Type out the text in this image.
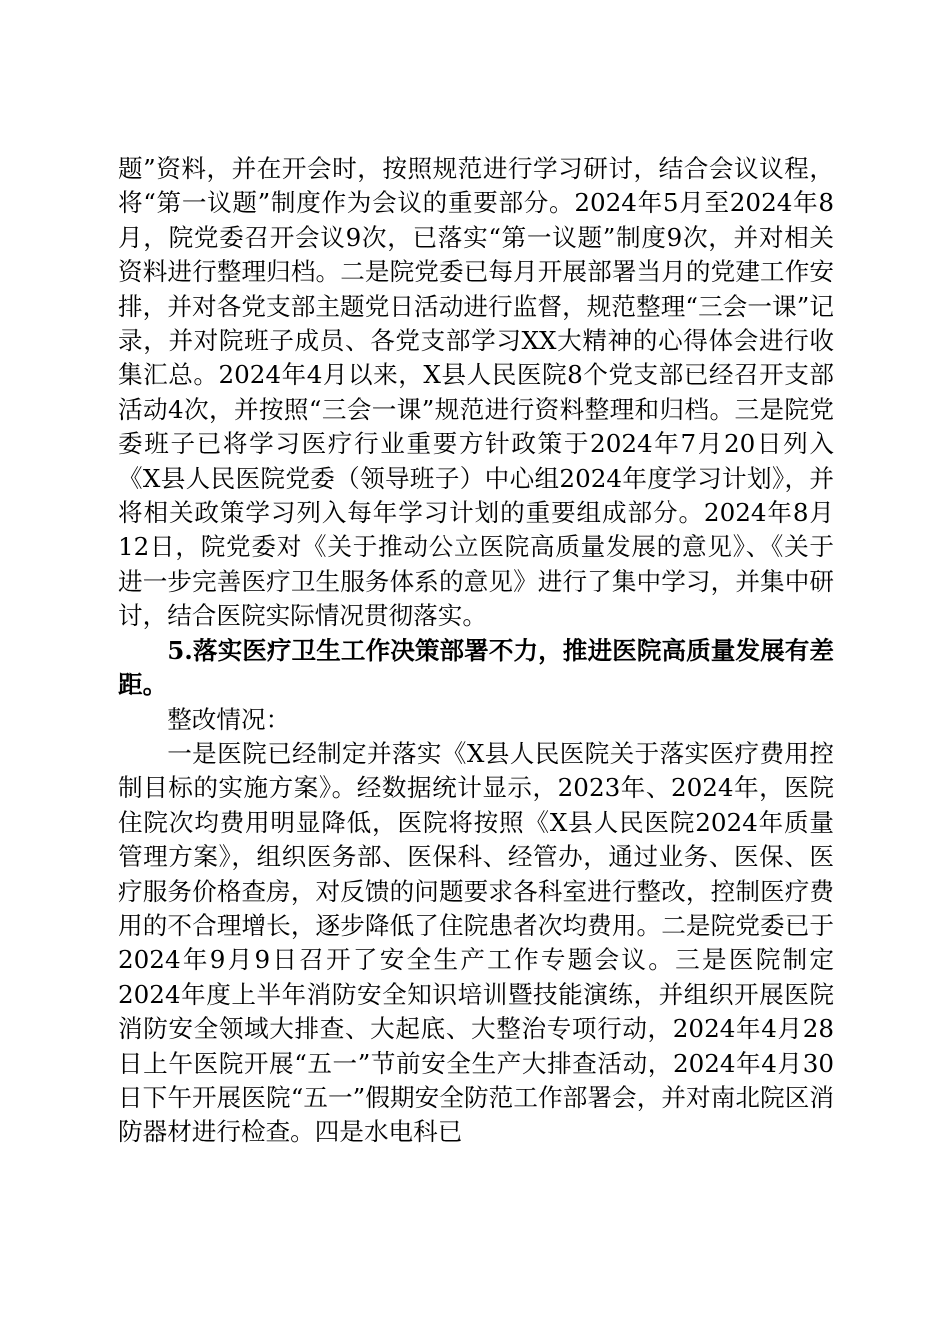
题”资料，并在开会时，按照规范进行学习研讨，结合会议议程，将“第一议题”制度作为会议的重要部分。2024年5月至2024年8月，院党委召开会议9次，已落实“第一议题”制度9次，并对相关资料进行整理归档。二是院党委已每月开展部署当月的党建工作安排，并对各党支部主题党日活动进行监督，规范整理“三会一课”记录，并对院班子成员、各党支部学习XX大精神的心得体会进行收集汇总。2024年4月以来，X县人民医院8个党支部已经召开支部活动4次，并按照“三会一课”规范进行资料整理和归档。三是院党委班子已将学习医疗行业重要方针政策于2024年7月20日列入《X县人民医院党委（领导班子）中心组2024年度学习计划》，并将相关政策学习列入每年学习计划的重要组成部分。2024年8月12日，院党委对《关于推动公立医院高质量发展的意见》、《关于进一步完善医疗卫生服务体系的意见》进行了集中学习，并集中研讨，结合医院实际情况贯彻落实。

5.落实医疗卫生工作决策部署不力，推进医院高质量发展有差距。

整改情况：

一是医院已经制定并落实《X县人民医院关于落实医疗费用控制目标的实施方案》。经数据统计显示，2023年、2024年，医院住院次均费用明显降低，医院将按照《X县人民医院2024年质量管理方案》，组织医务部、医保科、经管办，通过业务、医保、医疗服务价格查房，对反馈的问题要求各科室进行整改，控制医疗费用的不合理增长，逐步降低了住院患者次均费用。二是院党委已于2024年9月9日召开了安全生产工作专题会议。三是医院制定2024年度上半年消防安全知识培训暨技能演练，并组织开展医院消防安全领域大排查、大起底、大整治专项行动，2024年4月28日上午医院开展“五一”节前安全生产大排查活动，2024年4月30日下午开展医院“五一”假期安全防范工作部署会，并对南北院区消防器材进行检查。四是水电科已
